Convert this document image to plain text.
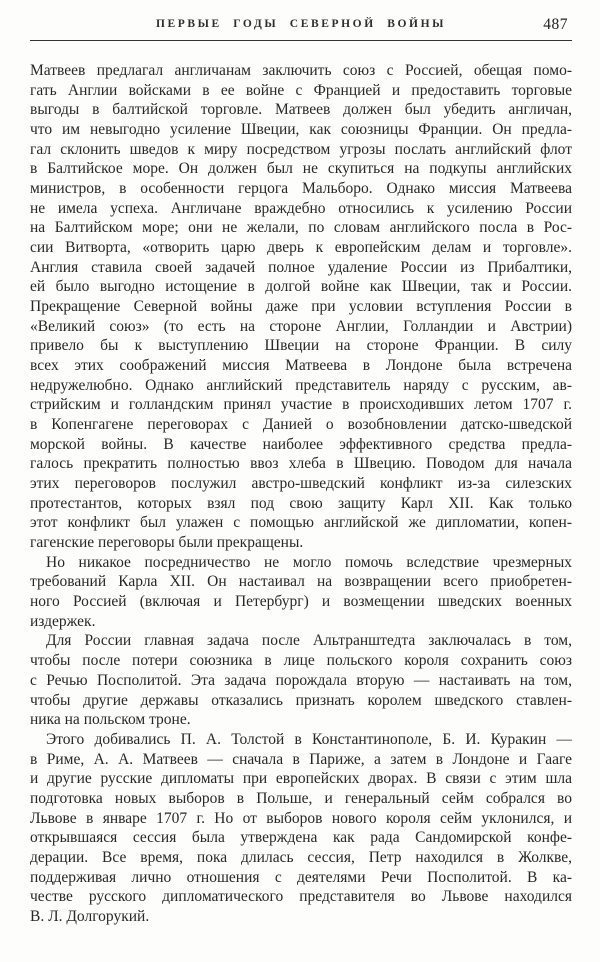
ПЕРВЫЕ ГОДЫ СЕВЕРНОЙ ВОЙНЫ	487
Матвеев предлагал англичанам заключить союз с Россией, обещая помо-
гать Англии войсками в ее войне с Францией и предоставить торговые
выгоды в балтийской торговле. Матвеев должен был убедить англичан,
что им невыгодно усиление Швеции, как союзницы Франции. Он предла-
гал склонить шведов к миру посредством угрозы послать английский флот
в Балтийское море. Он должен был не скупиться на подкупы английских
министров, в особенности герцога Мальборо. Однако миссия Матвеева
не имела успеха. Англичане враждебно относились к усилению России
на Балтийском море; они не желали, по словам английского посла в Рос-
сии Витворта, «отворить царю дверь к европейским делам и торговле».
Англия ставила своей задачей полное удаление России из Прибалтики,
ей было выгодно истощение в долгой войне как Швеции, так и России.
Прекращение Северной войны даже при условии вступления России в
«Великий союз» (то есть на стороне Англии, Голландии и Австрии)
привело бы к выступлению Швеции на стороне Франции. В силу
всех этих соображений миссия Матвеева в Лондоне была встречена
недружелюбно. Однако английский представитель наряду с русским, ав-
стрийским и голландским принял участие в происходивших летом 1707 г.
в Копенгагене переговорах с Данией о возобновлении датско-шведской
морской войны. В качестве наиболее эффективного средства предла-
галось прекратить полностью ввоз хлеба в Швецию. Поводом для начала
этих переговоров послужил австро-шведский конфликт из-за силезских
протестантов, которых взял под свою защиту Карл XII. Как только
этот конфликт был улажен с помощью английской же дипломатии, копен-
гагенские переговоры были прекращены.
Но никакое посредничество не могло помочь вследствие чрезмерных
требований Карла XII. Он настаивал на возвращении всего приобретен-
ного Россией (включая и Петербург) и возмещении шведских военных
издержек.
Для России главная задача после Альтранштедта заключалась в том,
чтобы после потери союзника в лице польского короля сохранить союз
с Речью Посполитой. Эта задача порождала вторую — настаивать на том,
чтобы другие державы отказались признать королем шведского ставлен-
ника на польском троне.
Этого добивались П. А. Толстой в Константинополе, Б. И. Куракин —
в Риме, А. А. Матвеев — сначала в Париже, а затем в Лондоне и Гааге
и другие русские дипломаты при европейских дворах. В связи с этим шла
подготовка новых выборов в Польше, и генеральный сейм собрался во
Львове в январе 1707 г. Но от выборов нового короля сейм уклонился, и
открывшаяся сессия была утверждена как рада Сандомирской конфе-
дерации. Все время, пока длилась сессия, Петр находился в Жолкве,
поддерживая лично отношения с деятелями Речи Посполитой. В ка-
честве русского дипломатического представителя во Львове находился
В. Л. Долгорукий.
